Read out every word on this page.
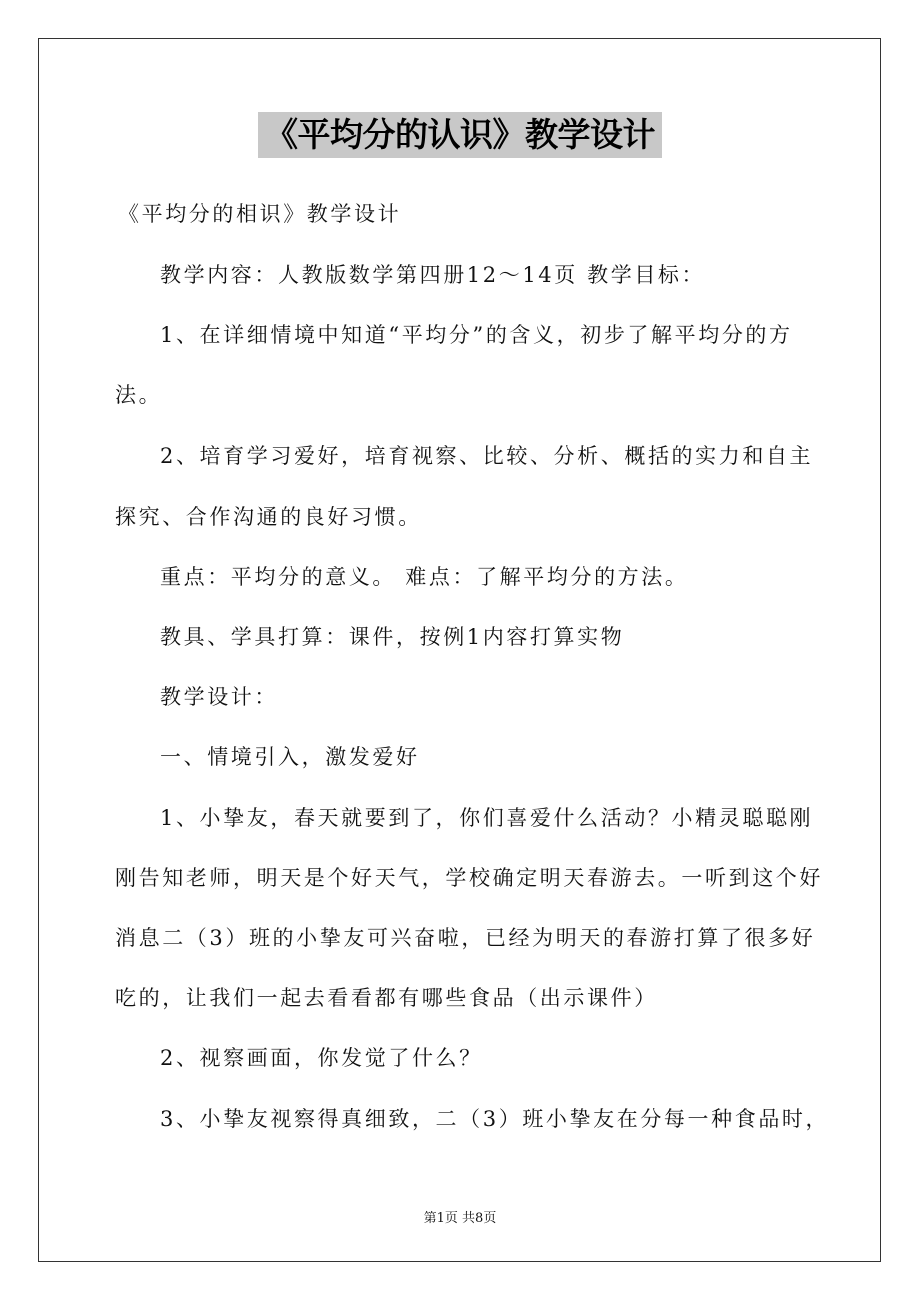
《平均分的认识》教学设计
《平均分的相识》教学设计
教学内容：人教版数学第四册12～14页 教学目标：
1、在详细情境中知道“平均分”的含义，初步了解平均分的方
法。
2、培育学习爱好，培育视察、比较、分析、概括的实力和自主
探究、合作沟通的良好习惯。
重点：平均分的意义。 难点：了解平均分的方法。
教具、学具打算：课件，按例1内容打算实物
教学设计：
一、情境引入，激发爱好
1、小挚友，春天就要到了，你们喜爱什么活动？小精灵聪聪刚
刚告知老师，明天是个好天气，学校确定明天春游去。一听到这个好
消息二（3）班的小挚友可兴奋啦，已经为明天的春游打算了很多好
吃的，让我们一起去看看都有哪些食品（出示课件）
2、视察画面，你发觉了什么？
3、小挚友视察得真细致，二（3）班小挚友在分每一种食品时，
第1页 共8页
